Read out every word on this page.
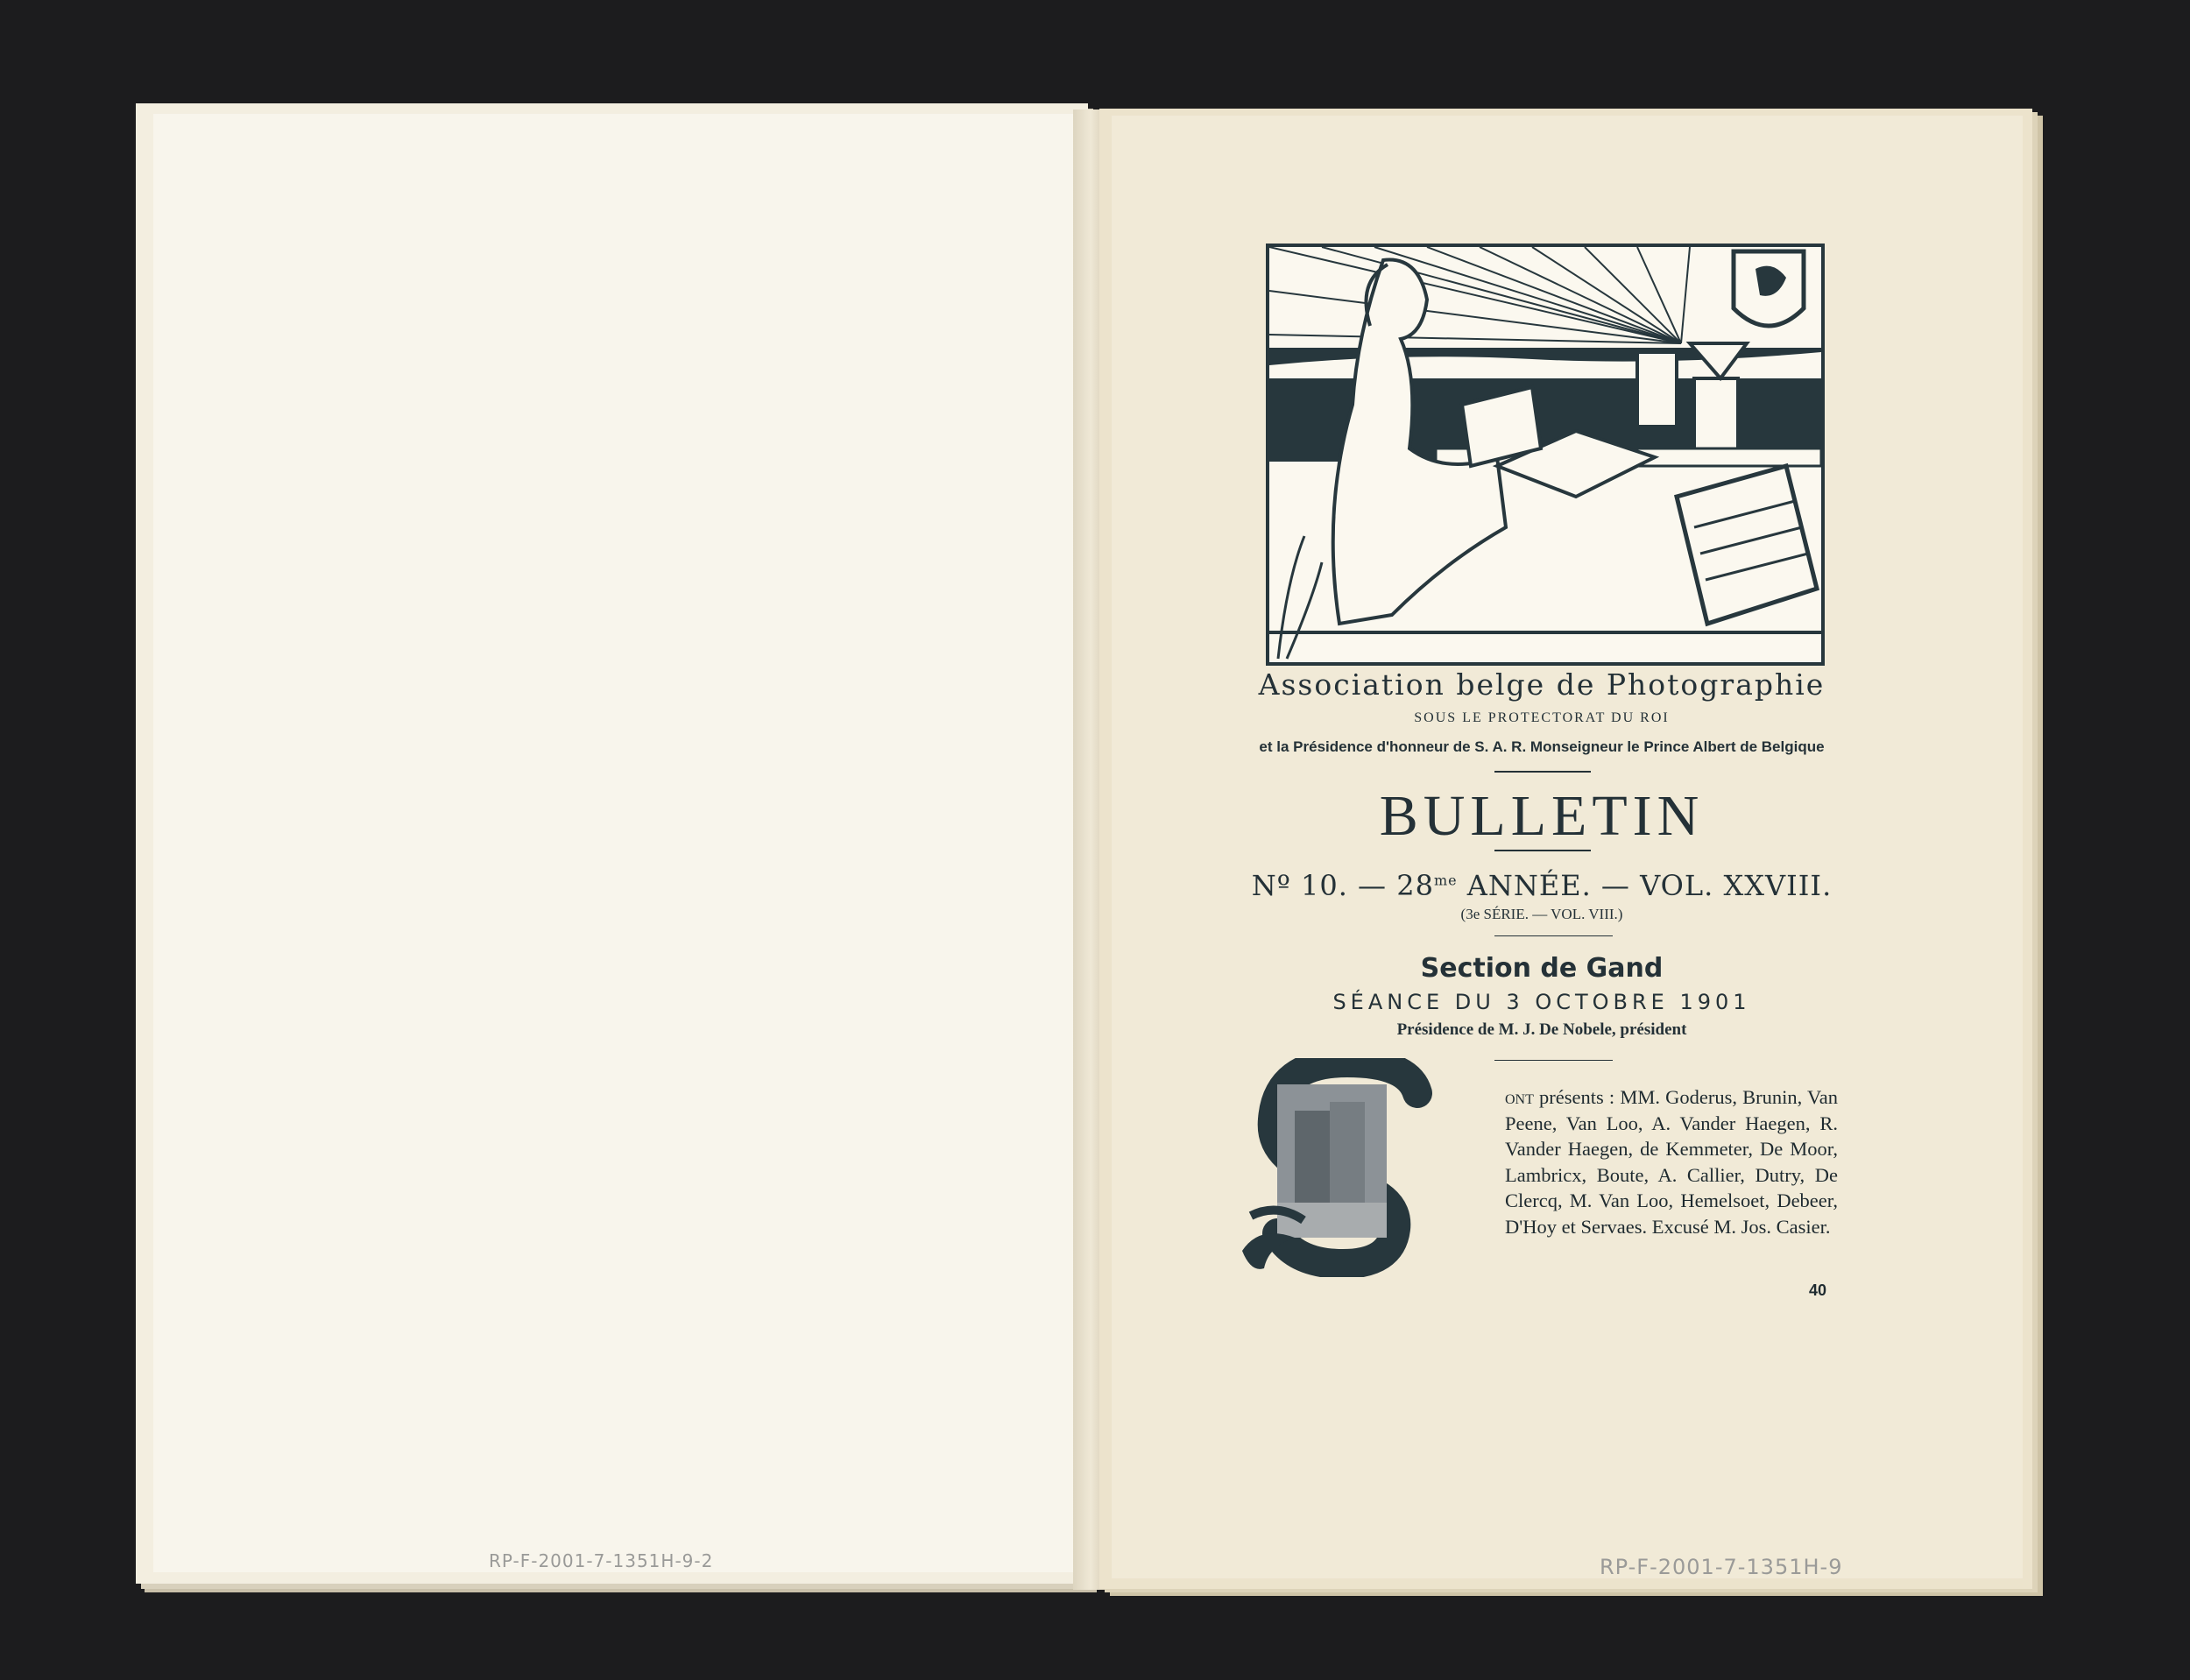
RP-F-2001-7-1351H-9-2
Association belge de Photographie
SOUS LE PROTECTORAT DU ROI
et la Présidence d'honneur de S. A. R. Monseigneur le Prince Albert de Belgique
BULLETIN
Nº 10. — $28^{me}$ ANNÉE. — VOL. XXVIII.
(3e SÉRIE. — VOL. VIII.)
Section de Gand
SÉANCE DU 3 OCTOBRE 1901
Présidence de M. J. De Nobele, président
ont présents : MM. Goderus, Brunin, Van Peene, Van Loo, A. Vander Haegen, R. Vander Haegen, de Kemmeter, De Moor, Lambricx, Boute, A. Callier, Dutry, De Clercq, M. Van Loo, Hemelsoet, Debeer, D'Hoy et Servaes. Excusé M. Jos. Casier.
40
RP-F-2001-7-1351H-9
